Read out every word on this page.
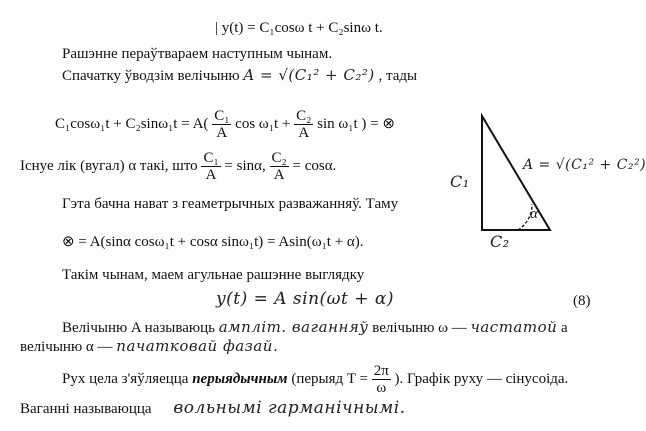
| y(t) = C₁cosω t + C₂sinω t.
Рашэнне пераўтвараем наступным чынам.
Спачатку ўводзім велічыню A = √(C₁² + C₂²) , тады
$C_1\cos\omega_1t + C_2\sin\omega_1t = A( \frac{\text{C₁}}{A}$ $\cos \omega_1t + \frac{\text{C₂}}{A}$ sin ω₁t ) = ⊗
Існуе лік (вугал) α такі, што $\frac{\text{C₁}}{A} = \sin\alpha$, $\frac{\text{C₂}}{A} = \cos\alpha$.
Гэта бачна нават з геаметрычных разважанняў. Таму
⊗ = A(sinα cosω₁t + cosα sinω₁t) = Asin(ω₁t + α).
Такім чынам, маем агульнае рашэнне выглядку
y(t) = A sin(ωt + α)	(8)
Велічыню A называюць амплiт. ваганняў велічыню ω — частатой а
велічыню α — пачатковай фазай.
Рух цела з'яўляецца перыядычным (перыяд $T = \frac{2\pi}{\omega}$ ). Графік руху — сінусоіда.
Ваганні называюцца вольнымі гарманічнымі.
C₁
C₂
A = √(C₁² + C₂²)
α
